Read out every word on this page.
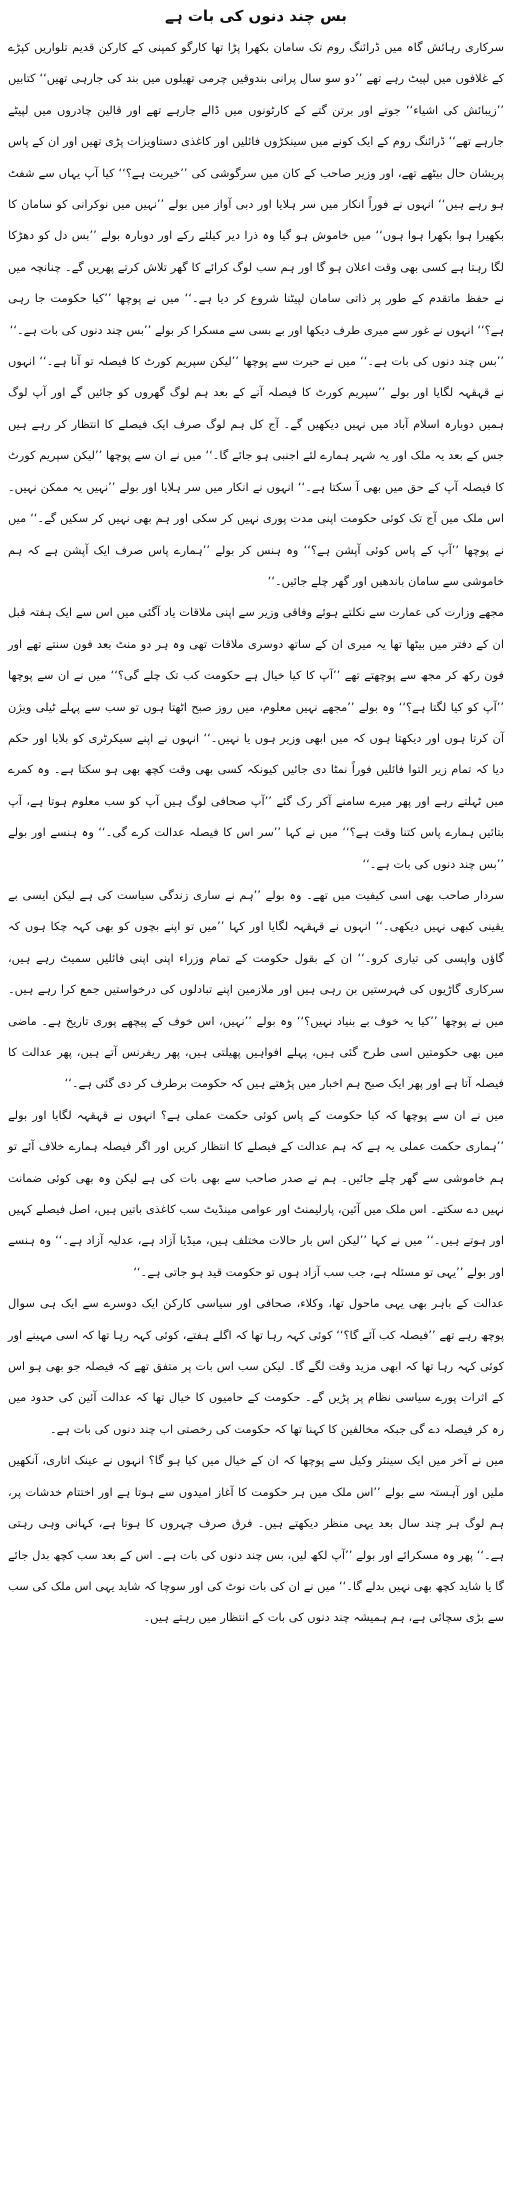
بس چند دنوں کی بات ہے

سرکاری رہائش گاہ میں ڈرائنگ روم تک سامان بکھرا پڑا تھا کارگو کمپنی کے کارکن قدیم تلواریں کپڑے کے غلافوں میں لپیٹ رہے تھے ’’دو سو سال پرانی بندوقیں چرمی تھیلوں میں بند کی جارہی تھیں‘‘ کتابیں ’’زیبائش کی اشیاء‘‘ جوتے اور برتن گتے کے کارٹونوں میں ڈالے جارہے تھے اور قالین چادروں میں لپیٹے جارہے تھے‘‘ ڈرائنگ روم کے ایک کونے میں سینکڑوں فائلیں اور کاغذی دستاویزات پڑی تھیں اور ان کے پاس پریشان حال بیٹھے تھے، اور وزیر صاحب کے کان میں سرگوشی کی ’’خیریت ہے؟‘‘ کیا آپ یہاں سے شفٹ ہو رہے ہیں‘‘ انہوں نے فوراً انکار میں سر ہلایا اور دبی آواز میں بولے ’’نہیں میں نوکرانی کو سامان کا بکھیرا ہوا بکھرا ہوا ہوں‘‘ میں خاموش ہو گیا وہ ذرا دیر کیلئے رکے اور دوبارہ بولے ’’بس دل کو دھڑکا لگا رہتا ہے کسی بھی وقت اعلان ہو گا اور ہم سب لوگ کرائے کا گھر تلاش کرتے پھریں گے۔ چنانچہ میں نے حفظ ماتقدم کے طور پر ذاتی سامان لپیٹنا شروع کر دیا ہے۔‘‘ میں نے پوچھا ’’کیا حکومت جا رہی ہے؟‘‘ انہوں نے غور سے میری طرف دیکھا اور بے بسی سے مسکرا کر بولے ’’بس چند دنوں کی بات ہے۔‘‘

’’بس چند دنوں کی بات ہے۔‘‘ میں نے حیرت سے پوچھا ’’لیکن سپریم کورٹ کا فیصلہ تو آنا ہے۔‘‘ انہوں نے قہقہہ لگایا اور بولے ’’سپریم کورٹ کا فیصلہ آنے کے بعد ہم لوگ گھروں کو جائیں گے اور آپ لوگ ہمیں دوبارہ اسلام آباد میں نہیں دیکھیں گے۔ آج کل ہم لوگ صرف ایک فیصلے کا انتظار کر رہے ہیں جس کے بعد یہ ملک اور یہ شہر ہمارے لئے اجنبی ہو جائے گا۔‘‘ میں نے ان سے پوچھا ’’لیکن سپریم کورٹ کا فیصلہ آپ کے حق میں بھی آ سکتا ہے۔‘‘ انہوں نے انکار میں سر ہلایا اور بولے ’’نہیں یہ ممکن نہیں۔ اس ملک میں آج تک کوئی حکومت اپنی مدت پوری نہیں کر سکی اور ہم بھی نہیں کر سکیں گے۔‘‘ میں نے پوچھا ’’آپ کے پاس کوئی آپشن ہے؟‘‘ وہ ہنس کر بولے ’’ہمارے پاس صرف ایک آپشن ہے کہ ہم خاموشی سے سامان باندھیں اور گھر چلے جائیں۔‘‘

مجھے وزارت کی عمارت سے نکلتے ہوئے وفاقی وزیر سے اپنی ملاقات یاد آگئی میں اس سے ایک ہفتہ قبل ان کے دفتر میں بیٹھا تھا یہ میری ان کے ساتھ دوسری ملاقات تھی وہ ہر دو منٹ بعد فون سنتے تھے اور فون رکھ کر مجھ سے پوچھتے تھے ’’آپ کا کیا خیال ہے حکومت کب تک چلے گی؟‘‘ میں نے ان سے پوچھا ’’آپ کو کیا لگتا ہے؟‘‘ وہ بولے ’’مجھے نہیں معلوم، میں روز صبح اٹھتا ہوں تو سب سے پہلے ٹیلی ویژن آن کرتا ہوں اور دیکھتا ہوں کہ میں ابھی وزیر ہوں یا نہیں۔‘‘ انہوں نے اپنے سیکرٹری کو بلایا اور حکم دیا کہ تمام زیر التوا فائلیں فوراً نمٹا دی جائیں کیونکہ کسی بھی وقت کچھ بھی ہو سکتا ہے۔ وہ کمرے میں ٹہلتے رہے اور پھر میرے سامنے آکر رک گئے ’’آپ صحافی لوگ ہیں آپ کو سب معلوم ہوتا ہے، آپ بتائیں ہمارے پاس کتنا وقت ہے؟‘‘ میں نے کہا ’’سر اس کا فیصلہ عدالت کرے گی۔‘‘ وہ ہنسے اور بولے ’’بس چند دنوں کی بات ہے۔‘‘

سردار صاحب بھی اسی کیفیت میں تھے۔ وہ بولے ’’ہم نے ساری زندگی سیاست کی ہے لیکن ایسی بے یقینی کبھی نہیں دیکھی۔‘‘ انہوں نے قہقہہ لگایا اور کہا ’’میں تو اپنے بچوں کو بھی کہہ چکا ہوں کہ گاؤں واپسی کی تیاری کرو۔‘‘ ان کے بقول حکومت کے تمام وزراء اپنی اپنی فائلیں سمیٹ رہے ہیں، سرکاری گاڑیوں کی فہرستیں بن رہی ہیں اور ملازمین اپنے تبادلوں کی درخواستیں جمع کرا رہے ہیں۔ میں نے پوچھا ’’کیا یہ خوف بے بنیاد نہیں؟‘‘ وہ بولے ’’نہیں، اس خوف کے پیچھے پوری تاریخ ہے۔ ماضی میں بھی حکومتیں اسی طرح گئی ہیں، پہلے افواہیں پھیلتی ہیں، پھر ریفرنس آتے ہیں، پھر عدالت کا فیصلہ آتا ہے اور پھر ایک صبح ہم اخبار میں پڑھتے ہیں کہ حکومت برطرف کر دی گئی ہے۔‘‘

میں نے ان سے پوچھا کہ کیا حکومت کے پاس کوئی حکمت عملی ہے؟ انہوں نے قہقہہ لگایا اور بولے ’’ہماری حکمت عملی یہ ہے کہ ہم عدالت کے فیصلے کا انتظار کریں اور اگر فیصلہ ہمارے خلاف آئے تو ہم خاموشی سے گھر چلے جائیں۔ ہم نے صدر صاحب سے بھی بات کی ہے لیکن وہ بھی کوئی ضمانت نہیں دے سکتے۔ اس ملک میں آئین، پارلیمنٹ اور عوامی مینڈیٹ سب کاغذی باتیں ہیں، اصل فیصلے کہیں اور ہوتے ہیں۔‘‘ میں نے کہا ’’لیکن اس بار حالات مختلف ہیں، میڈیا آزاد ہے، عدلیہ آزاد ہے۔‘‘ وہ ہنسے اور بولے ’’یہی تو مسئلہ ہے، جب سب آزاد ہوں تو حکومت قید ہو جاتی ہے۔‘‘

عدالت کے باہر بھی یہی ماحول تھا، وکلاء، صحافی اور سیاسی کارکن ایک دوسرے سے ایک ہی سوال پوچھ رہے تھے ’’فیصلہ کب آئے گا؟‘‘ کوئی کہہ رہا تھا کہ اگلے ہفتے، کوئی کہہ رہا تھا کہ اسی مہینے اور کوئی کہہ رہا تھا کہ ابھی مزید وقت لگے گا۔ لیکن سب اس بات پر متفق تھے کہ فیصلہ جو بھی ہو اس کے اثرات پورے سیاسی نظام پر پڑیں گے۔ حکومت کے حامیوں کا خیال تھا کہ عدالت آئین کی حدود میں رہ کر فیصلہ دے گی جبکہ مخالفین کا کہنا تھا کہ حکومت کی رخصتی اب چند دنوں کی بات ہے۔

میں نے آخر میں ایک سینئر وکیل سے پوچھا کہ ان کے خیال میں کیا ہو گا؟ انہوں نے عینک اتاری، آنکھیں ملیں اور آہستہ سے بولے ’’اس ملک میں ہر حکومت کا آغاز امیدوں سے ہوتا ہے اور اختتام خدشات پر، ہم لوگ ہر چند سال بعد یہی منظر دیکھتے ہیں۔ فرق صرف چہروں کا ہوتا ہے، کہانی وہی رہتی ہے۔‘‘ پھر وہ مسکرائے اور بولے ’’آپ لکھ لیں، بس چند دنوں کی بات ہے۔ اس کے بعد سب کچھ بدل جائے گا یا شاید کچھ بھی نہیں بدلے گا۔‘‘ میں نے ان کی بات نوٹ کی اور سوچا کہ شاید یہی اس ملک کی سب سے بڑی سچائی ہے، ہم ہمیشہ چند دنوں کی بات کے انتظار میں رہتے ہیں۔
